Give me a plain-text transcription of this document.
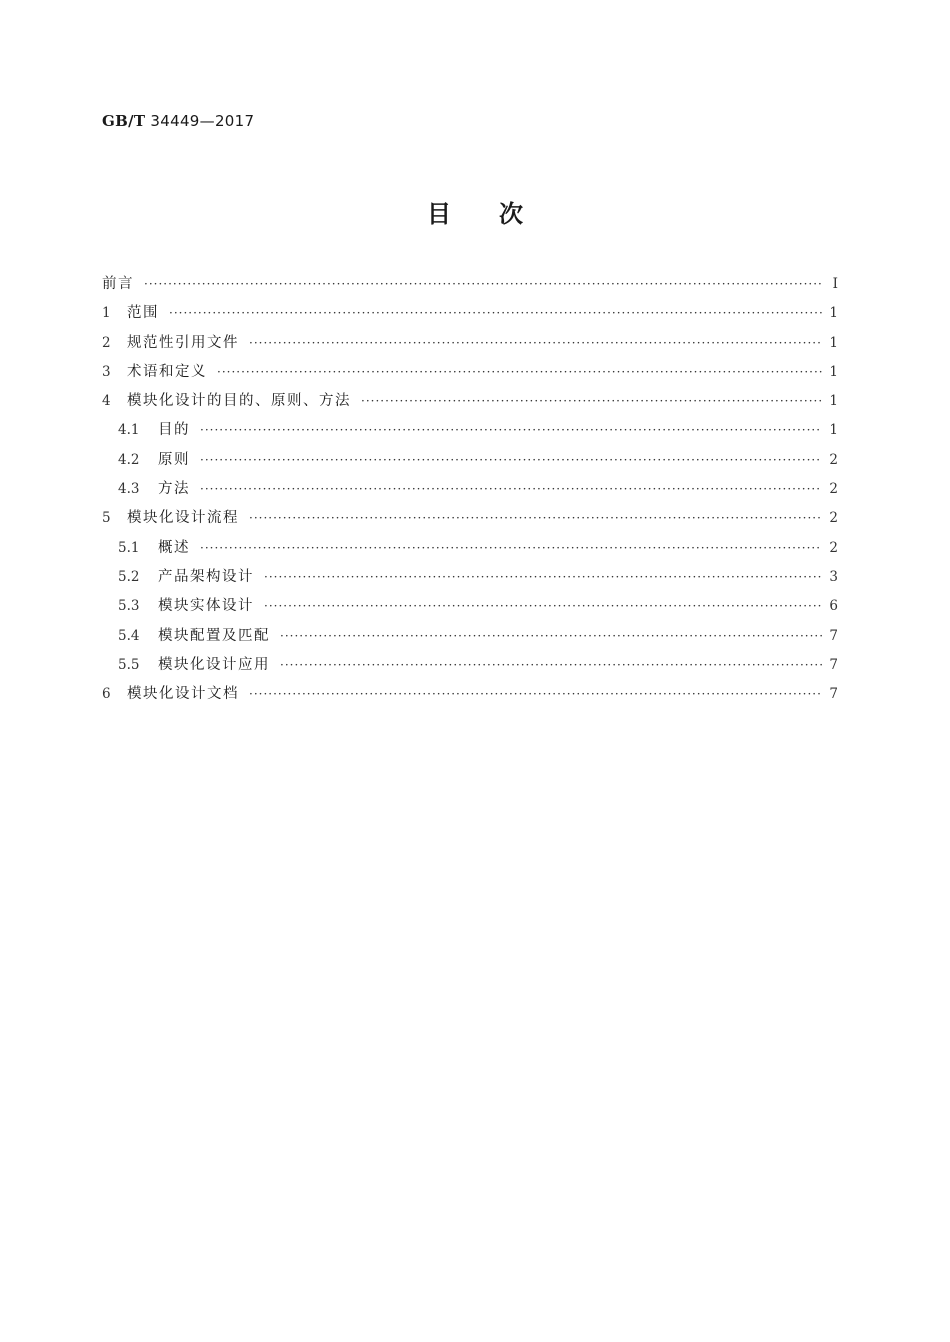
GB/T 34449—2017
目次
前言 ·····	Ⅰ
1	范围 ·····	1
2	规范性引用文件 ·····	1
3	术语和定义 ·····	1
4	模块化设计的目的、原则、方法 ·····	1
4.1	目的 ·····	1
4.2	原则 ·····	2
4.3	方法 ·····	2
5	模块化设计流程 ·····	2
5.1	概述 ·····	2
5.2	产品架构设计 ·····	3
5.3	模块实体设计 ·····	6
5.4	模块配置及匹配 ·····	7
5.5	模块化设计应用 ·····	7
6	模块化设计文档 ·····	7
